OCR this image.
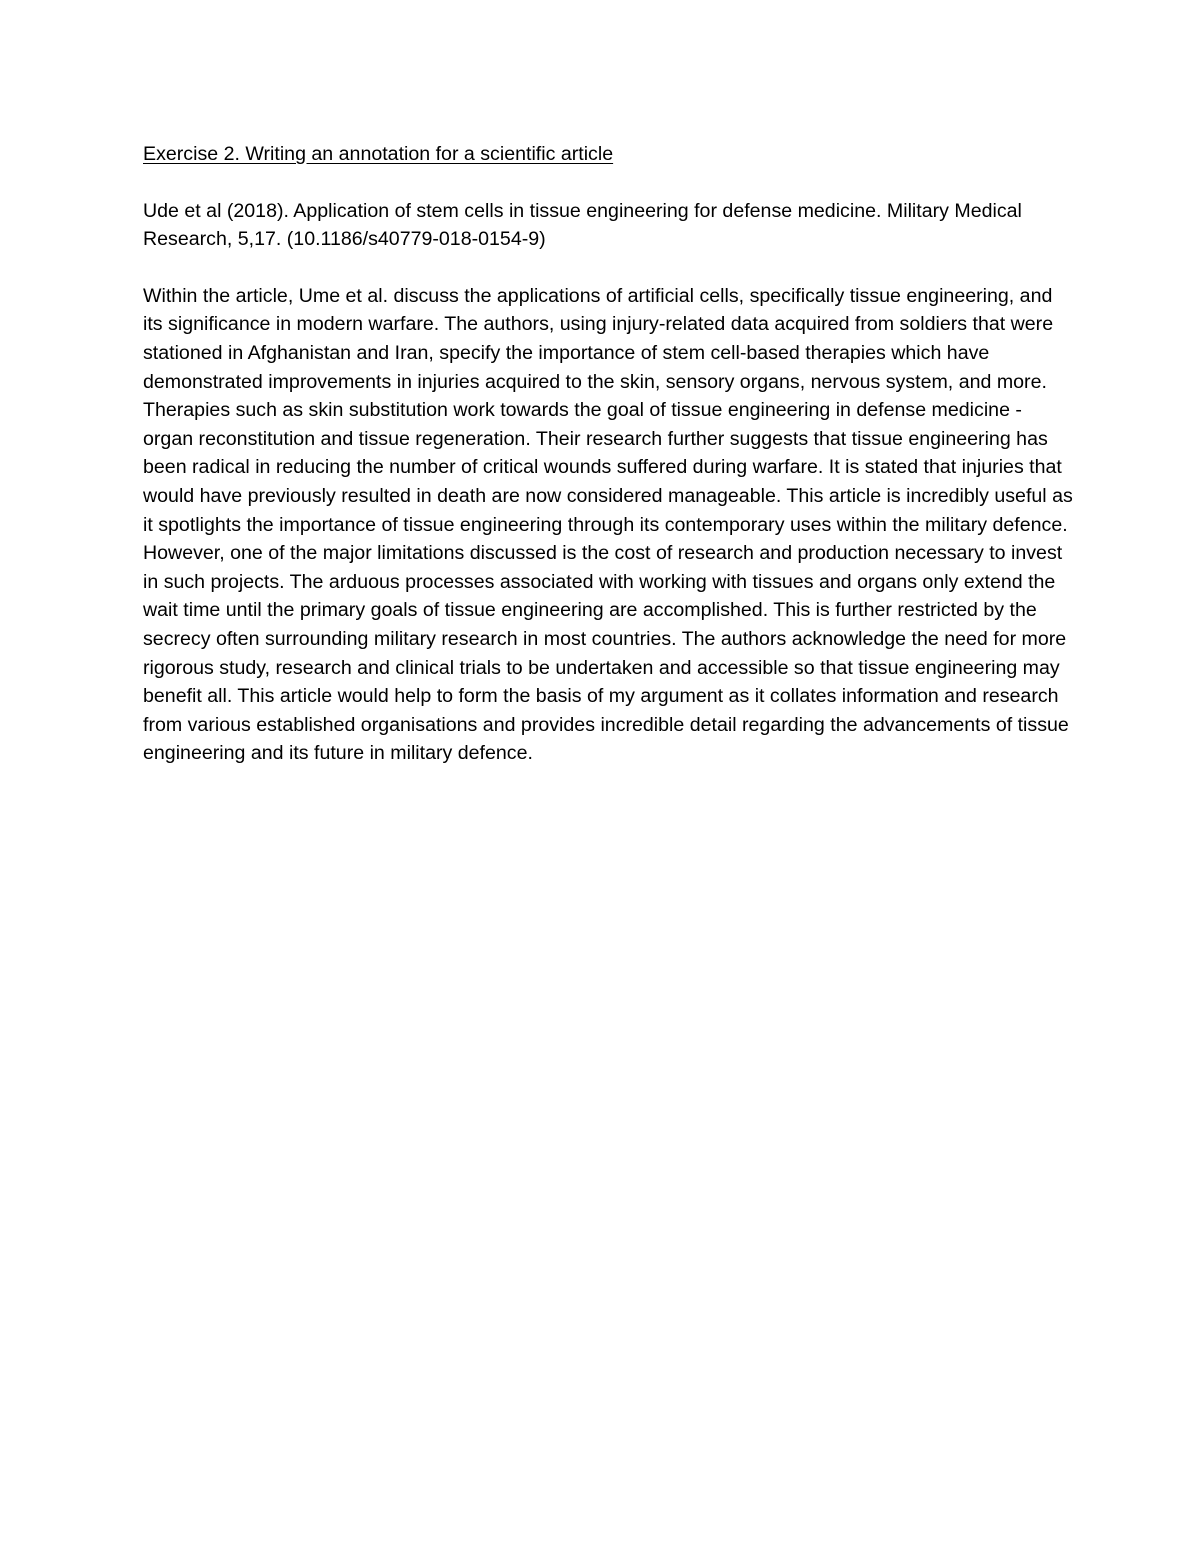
Exercise 2. Writing an annotation for a scientific article

Ude et al (2018). Application of stem cells in tissue engineering for defense medicine. Military Medical Research, 5,17. (10.1186/s40779-018-0154-9)

Within the article, Ume et al. discuss the applications of artificial cells, specifically tissue engineering, and its significance in modern warfare. The authors, using injury-related data acquired from soldiers that were stationed in Afghanistan and Iran, specify the importance of stem cell-based therapies which have demonstrated improvements in injuries acquired to the skin, sensory organs, nervous system, and more. Therapies such as skin substitution work towards the goal of tissue engineering in defense medicine - organ reconstitution and tissue regeneration. Their research further suggests that tissue engineering has been radical in reducing the number of critical wounds suffered during warfare. It is stated that injuries that would have previously resulted in death are now considered manageable. This article is incredibly useful as it spotlights the importance of tissue engineering through its contemporary uses within the military defence. However, one of the major limitations discussed is the cost of research and production necessary to invest in such projects. The arduous processes associated with working with tissues and organs only extend the wait time until the primary goals of tissue engineering are accomplished. This is further restricted by the secrecy often surrounding military research in most countries. The authors acknowledge the need for more rigorous study, research and clinical trials to be undertaken and accessible so that tissue engineering may benefit all. This article would help to form the basis of my argument as it collates information and research from various established organisations and provides incredible detail regarding the advancements of tissue engineering and its future in military defence.
